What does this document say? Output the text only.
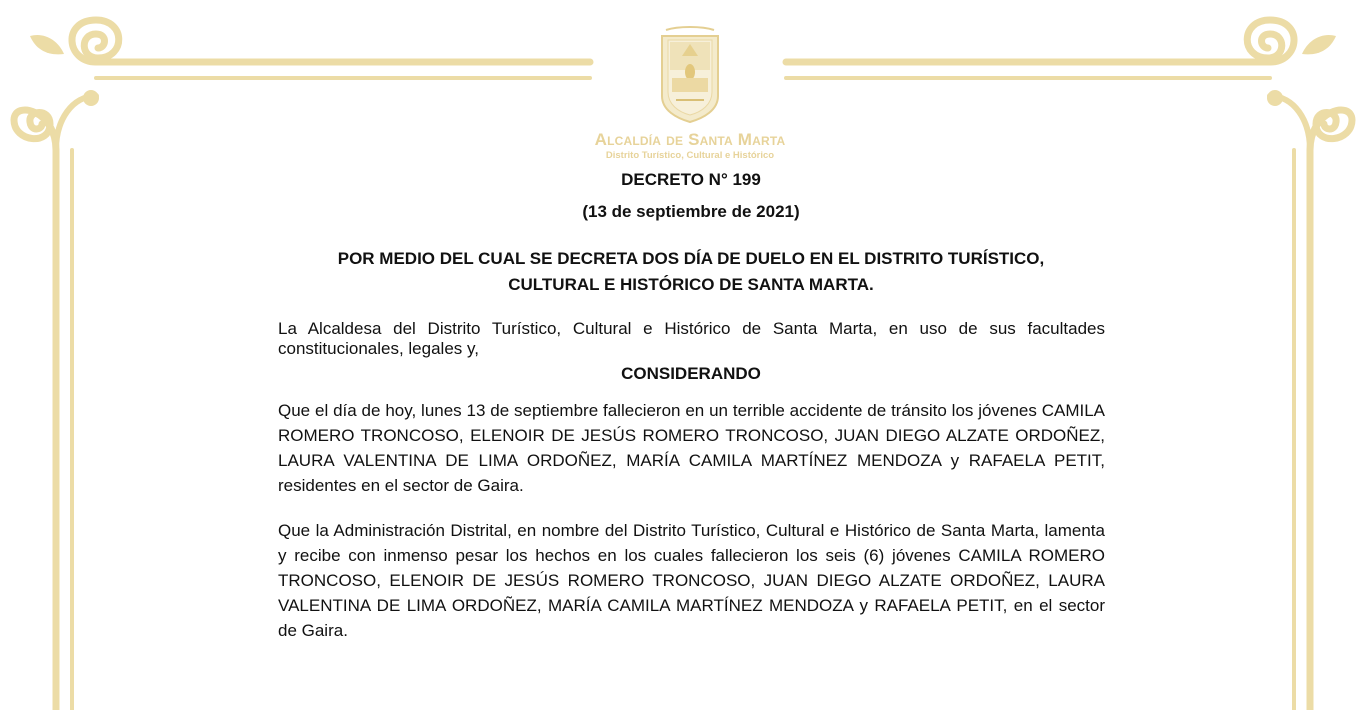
Alcaldía de Santa Marta
Distrito Turístico, Cultural e Histórico
DECRETO N° 199
(13 de septiembre de 2021)
POR MEDIO DEL CUAL SE DECRETA DOS DÍA DE DUELO EN EL DISTRITO TURÍSTICO,
CULTURAL E HISTÓRICO DE SANTA MARTA.
La Alcaldesa del Distrito Turístico, Cultural e Histórico de Santa Marta, en uso de sus facultades constitucionales, legales y,
CONSIDERANDO
Que el día de hoy, lunes 13 de septiembre fallecieron en un terrible accidente de tránsito los jóvenes CAMILA ROMERO TRONCOSO, ELENOIR DE JESÚS ROMERO TRONCOSO, JUAN DIEGO ALZATE ORDOÑEZ, LAURA VALENTINA DE LIMA ORDOÑEZ, MARÍA CAMILA MARTÍNEZ MENDOZA y RAFAELA PETIT, residentes en el sector de Gaira.
Que la Administración Distrital, en nombre del Distrito Turístico, Cultural e Histórico de Santa Marta, lamenta y recibe con inmenso pesar los hechos en los cuales fallecieron los seis (6) jóvenes CAMILA ROMERO TRONCOSO, ELENOIR DE JESÚS ROMERO TRONCOSO, JUAN DIEGO ALZATE ORDOÑEZ, LAURA VALENTINA DE LIMA ORDOÑEZ, MARÍA CAMILA MARTÍNEZ MENDOZA y RAFAELA PETIT, en el sector de Gaira.
